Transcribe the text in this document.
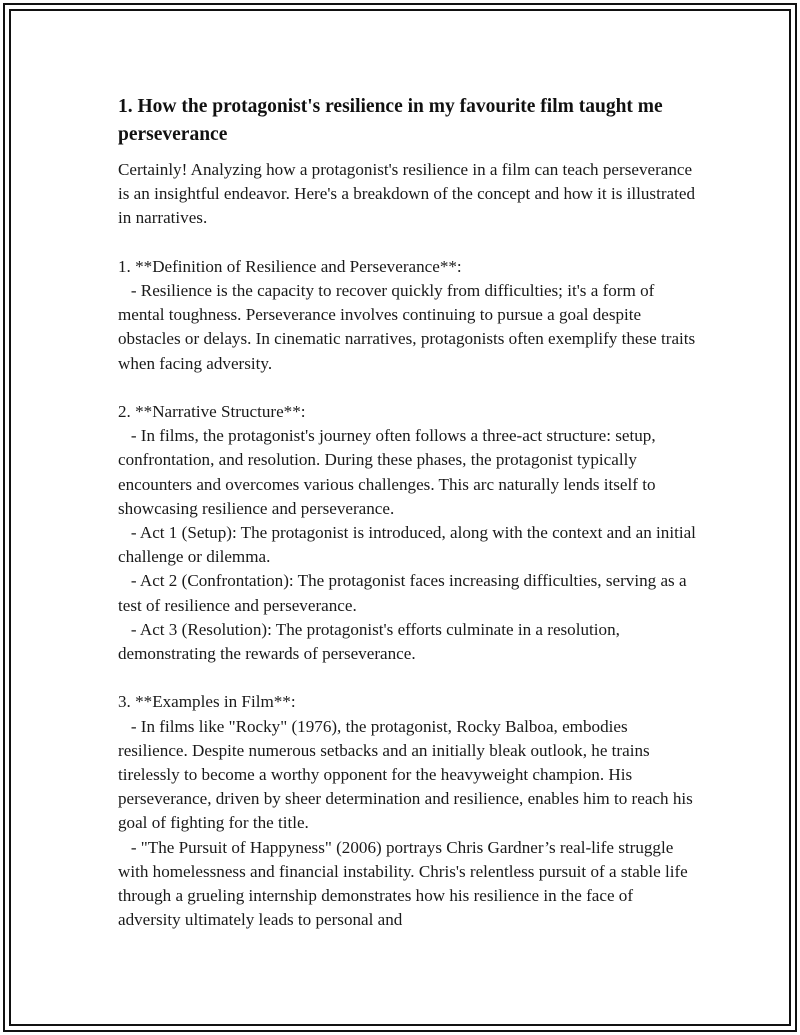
1. How the protagonist's resilience in my favourite film taught me perseverance
Certainly! Analyzing how a protagonist's resilience in a film can teach perseverance is an insightful endeavor. Here's a breakdown of the concept and how it is illustrated in narratives.

1. **Definition of Resilience and Perseverance**:
- Resilience is the capacity to recover quickly from difficulties; it's a form of mental toughness. Perseverance involves continuing to pursue a goal despite obstacles or delays. In cinematic narratives, protagonists often exemplify these traits when facing adversity.

2. **Narrative Structure**:
- In films, the protagonist's journey often follows a three-act structure: setup, confrontation, and resolution. During these phases, the protagonist typically encounters and overcomes various challenges. This arc naturally lends itself to showcasing resilience and perseverance.
- Act 1 (Setup): The protagonist is introduced, along with the context and an initial challenge or dilemma.
- Act 2 (Confrontation): The protagonist faces increasing difficulties, serving as a test of resilience and perseverance.
- Act 3 (Resolution): The protagonist's efforts culminate in a resolution, demonstrating the rewards of perseverance.

3. **Examples in Film**:
- In films like "Rocky" (1976), the protagonist, Rocky Balboa, embodies resilience. Despite numerous setbacks and an initially bleak outlook, he trains tirelessly to become a worthy opponent for the heavyweight champion. His perseverance, driven by sheer determination and resilience, enables him to reach his goal of fighting for the title.
- "The Pursuit of Happyness" (2006) portrays Chris Gardner’s real-life struggle with homelessness and financial instability. Chris's relentless pursuit of a stable life through a grueling internship demonstrates how his resilience in the face of adversity ultimately leads to personal and
